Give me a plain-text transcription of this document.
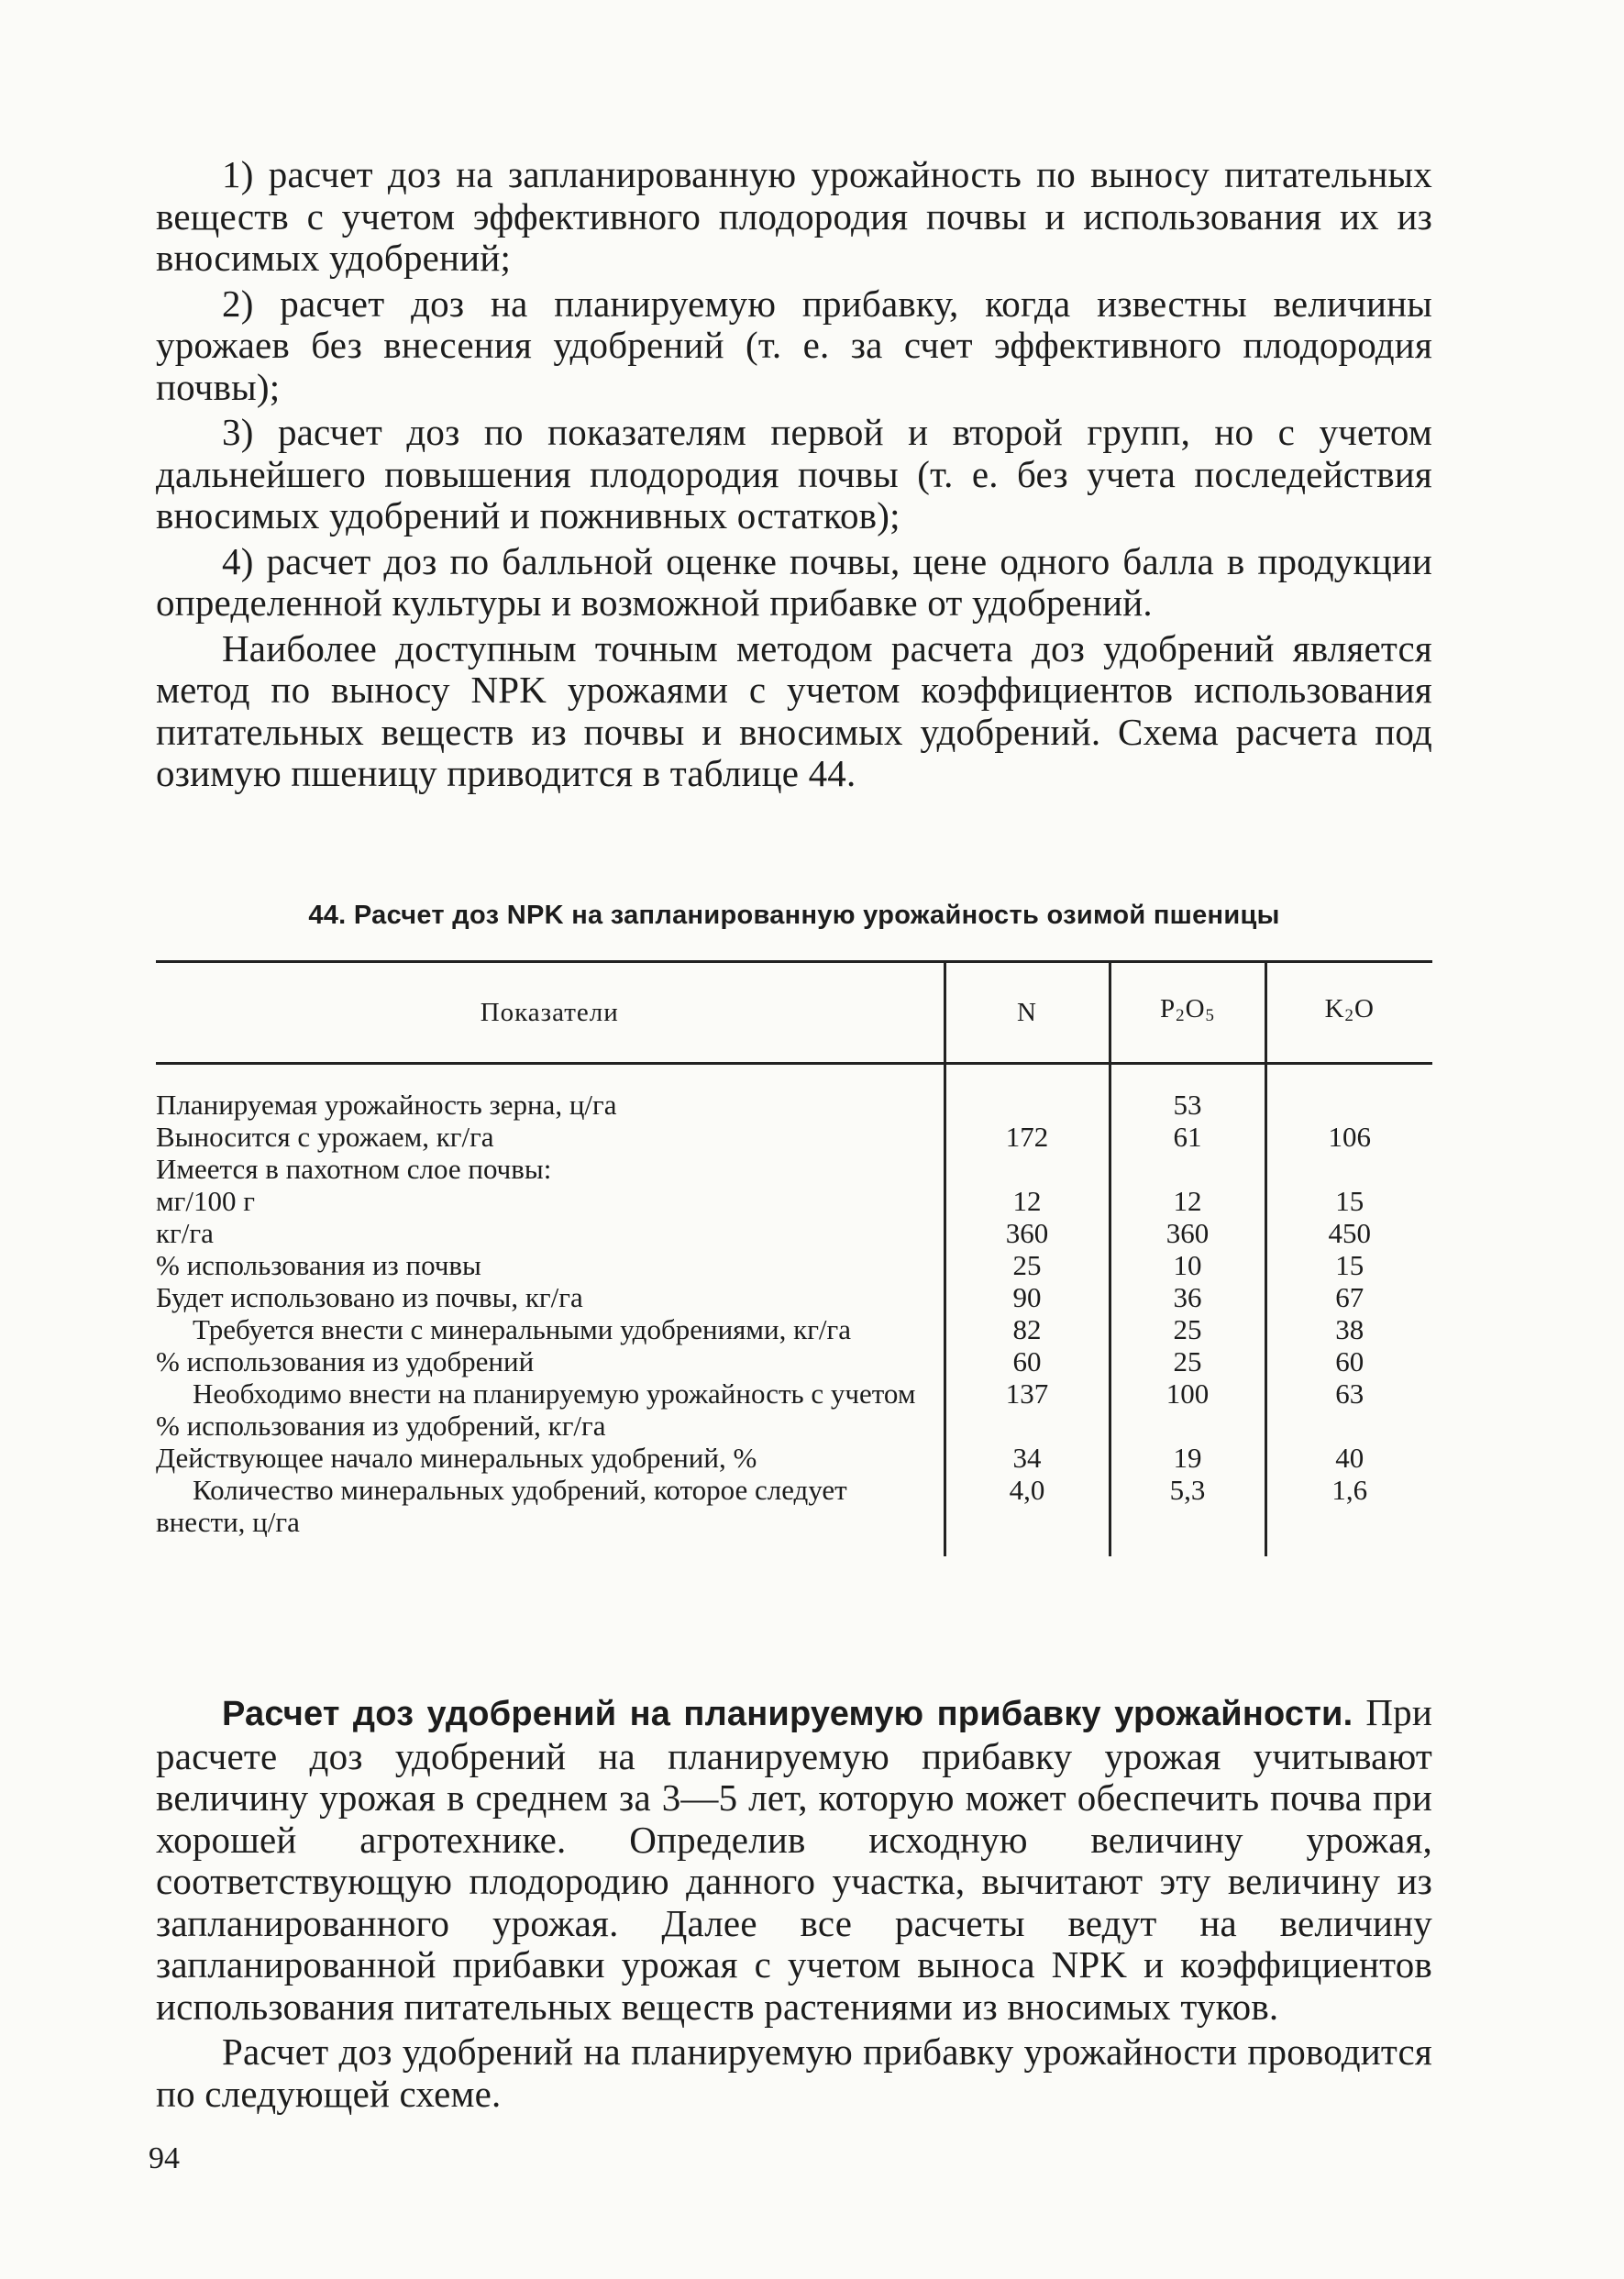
1) расчет доз на запланированную урожайность по выносу питательных веществ с учетом эффективного плодородия почвы и использования их из вносимых удобрений;

2) расчет доз на планируемую прибавку, когда известны величины урожаев без внесения удобрений (т. е. за счет эффективного плодородия почвы);

3) расчет доз по показателям первой и второй групп, но с учетом дальнейшего повышения плодородия почвы (т. е. без учета последействия вносимых удобрений и пожнивных остатков);

4) расчет доз по балльной оценке почвы, цене одного балла в продукции определенной культуры и возможной прибавке от удобрений.

Наиболее доступным точным методом расчета доз удобрений является метод по выносу NPK урожаями с учетом коэффициентов использования питательных веществ из почвы и вносимых удобрений. Схема расчета под озимую пшеницу приводится в таблице 44.

44. Расчет доз NPK на запланированную урожайность озимой пшеницы
Показатели	N	$P_2O_5$	$K_2O$
Планируемая урожайность зерна, ц/га		53	
Выносится с урожаем, кг/га	172	61	106
Имеется в пахотном слое почвы:			
мг/100 г	12	12	15
кг/га	360	360	450
% использования из почвы	25	10	15
Будет использовано из почвы, кг/га	90	36	67
Требуется внести с минеральными удобрениями, кг/га	82	25	38
% использования из удобрений	60	25	60
Необходимо внести на планируемую урожайность с учетом % использования из удобрений, кг/га	137	100	63
Действующее начало минеральных удобрений, %	34	19	40
Количество минеральных удобрений, которое следует внести, ц/га	4,0	5,3	1,6

Расчет доз удобрений на планируемую прибавку урожайности. При расчете доз удобрений на планируемую прибавку урожая учитывают величину урожая в среднем за 3—5 лет, которую может обеспечить почва при хорошей агротехнике. Определив исходную величину урожая, соответствующую плодородию данного участка, вычитают эту величину из запланированного урожая. Далее все расчеты ведут на величину запланированной прибавки урожая с учетом выноса NPK и коэффициентов использования питательных веществ растениями из вносимых туков.

Расчет доз удобрений на планируемую прибавку урожайности проводится по следующей схеме.

94
